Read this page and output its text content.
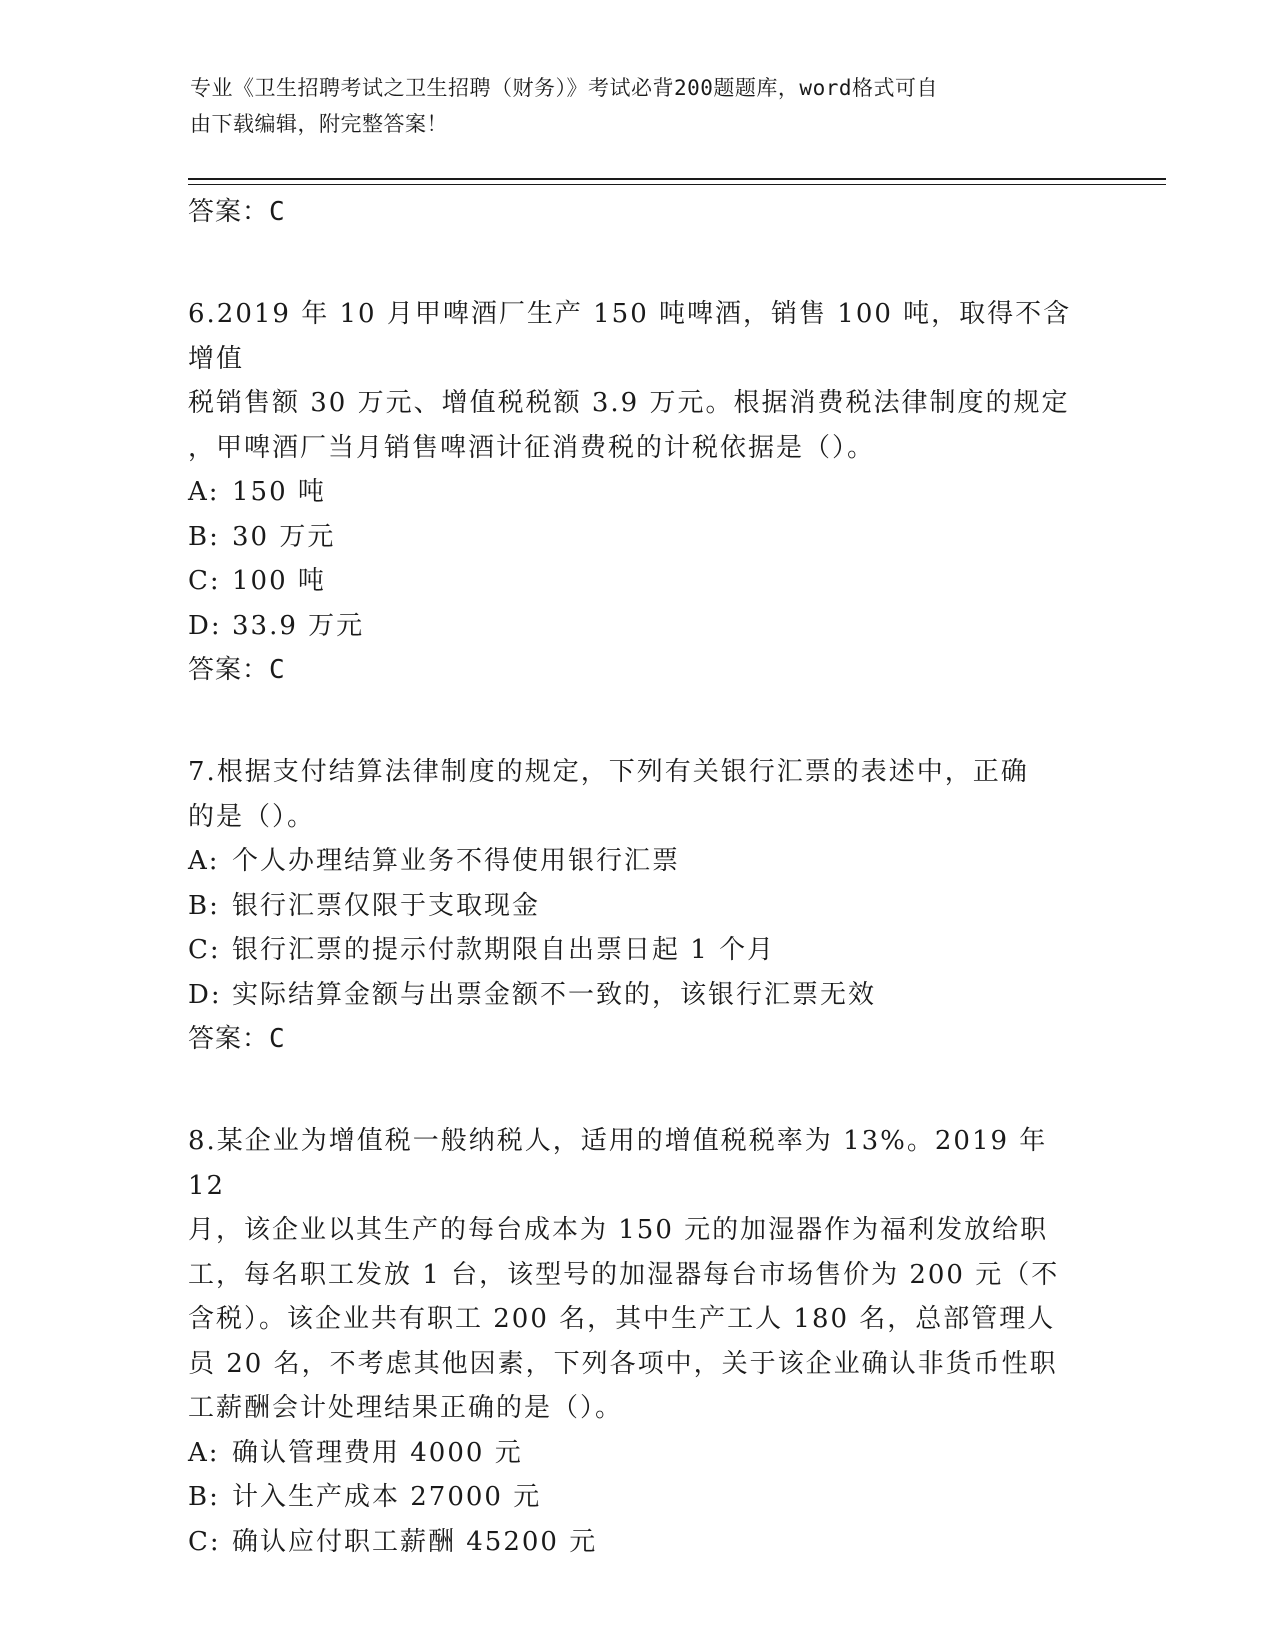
专业《卫生招聘考试之卫生招聘（财务）》考试必背200题题库，word格式可自
由下载编辑，附完整答案！

答案：C

6.2019 年 10 月甲啤酒厂生产 150 吨啤酒，销售 100 吨，取得不含增值
税销售额 30 万元、增值税税额 3.9 万元。根据消费税法律制度的规定
，甲啤酒厂当月销售啤酒计征消费税的计税依据是（）。

A: 150 吨

B: 30 万元

C: 100 吨

D: 33.9 万元

答案：C

7.根据支付结算法律制度的规定，下列有关银行汇票的表述中，正确
的是（）。

A: 个人办理结算业务不得使用银行汇票

B: 银行汇票仅限于支取现金

C: 银行汇票的提示付款期限自出票日起 1 个月

D: 实际结算金额与出票金额不一致的，该银行汇票无效

答案：C

8.某企业为增值税一般纳税人，适用的增值税税率为 13%。2019 年 12
月，该企业以其生产的每台成本为 150 元的加湿器作为福利发放给职
工，每名职工发放 1 台，该型号的加湿器每台市场售价为 200 元（不
含税）。该企业共有职工 200 名，其中生产工人 180 名，总部管理人
员 20 名，不考虑其他因素，下列各项中，关于该企业确认非货币性职
工薪酬会计处理结果正确的是（）。

A: 确认管理费用 4000 元

B: 计入生产成本 27000 元

C: 确认应付职工薪酬 45200 元
